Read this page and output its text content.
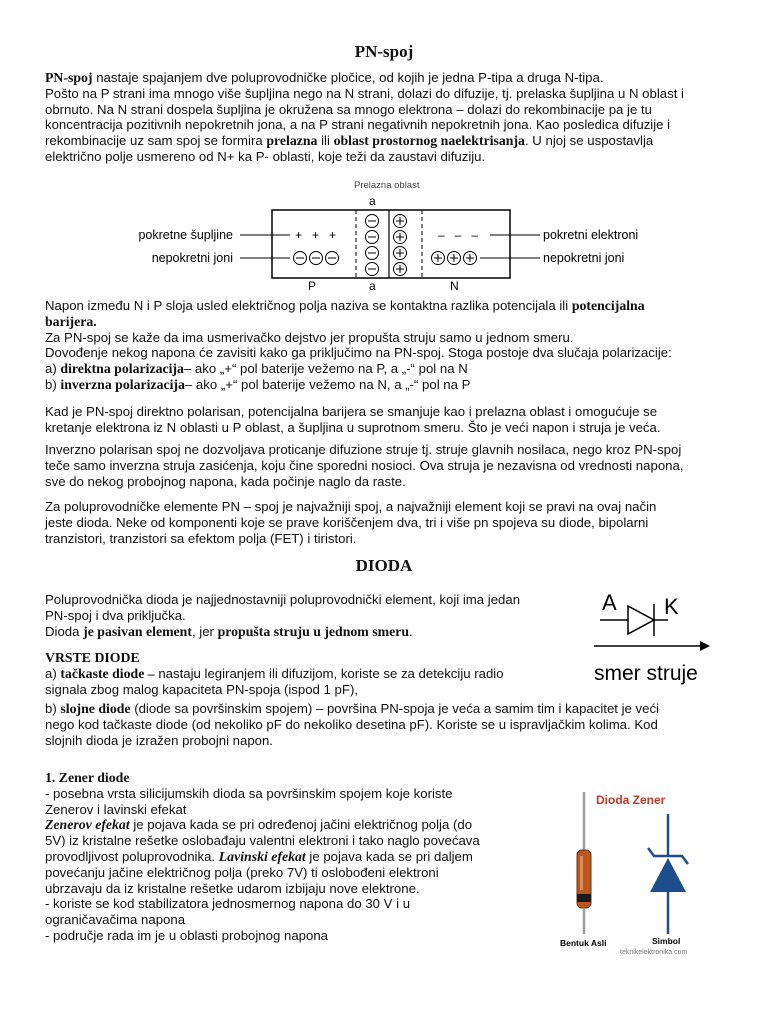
PN-spoj
PN-spoj nastaje spajanjem dve poluprovodničke pločice, od kojih je jedna P-tipa a druga N-tipa.
Pošto na P strani ima mnogo više šupljina nego na N strani, dolazi do difuzije, tj. prelaska šupljina u N oblast i
obrnuto. Na N strani dospela šupljina je okružena sa mnogo elektrona – dolazi do rekombinacije pa je tu
koncentracija pozitivnih nepokretnih jona, a na P strani negativnih nepokretnih jona. Kao posledica difuzije i
rekombinacije uz sam spoj se formira prelazna ili oblast prostornog naelektrisanja. U njoj se uspostavlja
električno polje usmereno od N+ ka P- oblasti, koje teži da zaustavi difuziju.
Prelazna oblast
a
+   +   +	–   –   –
pokretne šupljine
nepokretni joni
pokretni elektroni
nepokretni joni
a
P	N
Napon između N i P sloja usled električnog polja naziva se kontaktna razlika potencijala ili potencijalna
barijera.
Za PN-spoj se kaže da ima usmerivačko dejstvo jer propušta struju samo u jednom smeru.
Dovođenje nekog napona će zavisiti kako ga priključimo na PN-spoj. Stoga postoje dva slučaja polarizacije:
a) direktna polarizacija– ako „+“ pol baterije vežemo na P, a „-“ pol na N
b) inverzna polarizacija– ako „+“ pol baterije vežemo na N, a „-“ pol na P
Kad je PN-spoj direktno polarisan, potencijalna barijera se smanjuje kao i prelazna oblast i omogućuje se
kretanje elektrona iz N oblasti u P oblast, a šupljina u suprotnom smeru. Što je veći napon i struja je veća.
Inverzno polarisan spoj ne dozvoljava proticanje difuzione struje tj. struje glavnih nosilaca, nego kroz PN-spoj
teče samo inverzna struja zasićenja, koju čine sporedni nosioci. Ova struja je nezavisna od vrednosti napona,
sve do nekog probojnog napona, kada počinje naglo da raste.
Za poluprovodničke elemente PN – spoj je najvažniji spoj, a najvažniji element koji se pravi na ovaj način
jeste dioda. Neke od komponenti koje se prave koriščenjem dva, tri i više pn spojeva su diode, bipolarni
tranzistori, tranzistori sa efektom polja (FET) i tiristori.
DIODA
Poluprovodnička dioda je najjednostavniji poluprovodnički element, koji ima jedan
PN-spoj i dva priključka.
Dioda je pasivan element, jer propušta struju u jednom smeru.
A K
smer struje
VRSTE DIODE
a) tačkaste diode – nastaju legiranjem ili difuzijom, koriste se za detekciju radio
signala zbog malog kapaciteta PN-spoja (ispod 1 pF),
b) slojne diode (diode sa površinskim spojem) – površina PN-spoja je veća a samim tim i kapacitet je veći
nego kod tačkaste diode (od nekoliko pF do nekoliko desetina pF). Koriste se u ispravljačkim kolima. Kod
slojnih dioda je izražen probojni napon.
1. Zener diode
- posebna vrsta silicijumskih dioda sa površinskim spojem koje koriste
Zenerov i lavinski efekat
Zenerov efekat je pojava kada se pri određenoj jačini električnog polja (do
5V) iz kristalne rešetke oslobađaju valentni elektroni i tako naglo povećava
provodljivost poluprovodnika. Lavinski efekat je pojava kada se pri daljem
povećanju jačine električnog polja (preko 7V) ti oslobođeni elektroni
ubrzavaju da iz kristalne rešetke udarom izbijaju nove elektrone.
- koriste se kod stabilizatora jednosmernog napona do 30 V i u
ograničavačima napona
- područje rada im je u oblasti probojnog napona
Dioda Zener
Bentuk Asli	Simbol
teknikelektronika.com
